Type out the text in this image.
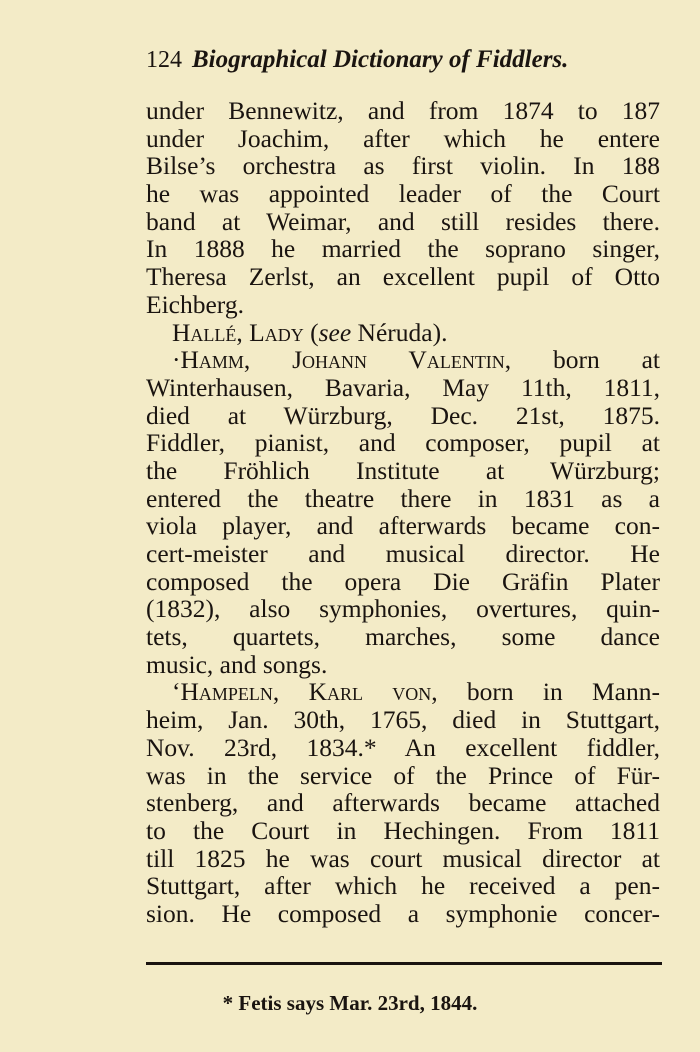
124 Biographical Dictionary of Fiddlers.
under Bennewitz, and from 1874 to 187
under Joachim, after which he entere
Bilse’s orchestra as first violin. In 188
he was appointed leader of the Court
band at Weimar, and still resides there.
In 1888 he married the soprano singer,
Theresa Zerlst, an excellent pupil of Otto
Eichberg.
Hallé, Lady (see Néruda).
·Hamm, Johann Valentin, born at
Winterhausen, Bavaria, May 11th, 1811,
died at Würzburg, Dec. 21st, 1875.
Fiddler, pianist, and composer, pupil at
the Fröhlich Institute at Würzburg;
entered the theatre there in 1831 as a
viola player, and afterwards became con-
cert-meister and musical director. He
composed the opera Die Gräfin Plater
(1832), also symphonies, overtures, quin-
tets, quartets, marches, some dance
music, and songs.
ʻHampeln, Karl von, born in Mann-
heim, Jan. 30th, 1765, died in Stuttgart,
Nov. 23rd, 1834.* An excellent fiddler,
was in the service of the Prince of Für-
stenberg, and afterwards became attached
to the Court in Hechingen. From 1811
till 1825 he was court musical director at
Stuttgart, after which he received a pen-
sion. He composed a symphonie concer-
* Fetis says Mar. 23rd, 1844.
